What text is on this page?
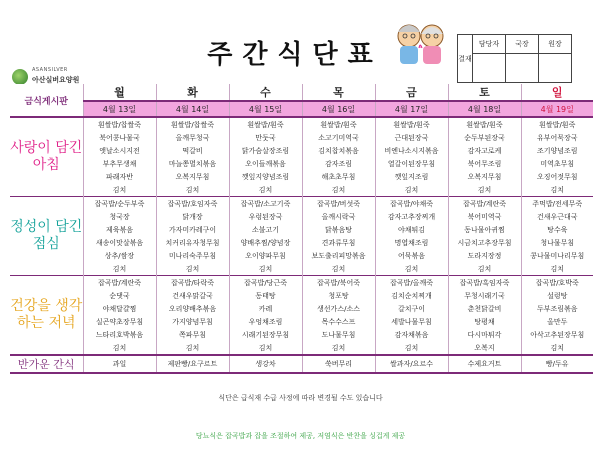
ASANSILVER
아산실버요양원
주간식단표	결재	담당자	국장	원장

금식게시판	월	화	수	목	금	토	일
	4월 13일	4월 14일	4월 15일	4월 16일	4월 17일	4월 18일	4월 19일
사랑이 담긴 아침	흰쌀밥/찹쌀죽	흰쌀밥/찹쌀죽	흰쌀밥/흰죽	흰쌀밥/흰죽	흰쌀밥/흰죽	흰쌀밥/흰죽	흰쌀밥/흰죽
	북어콩나물국	올깨무청국	만둣국	소고기미역국	근대된장국	순두부된장국	유부어묵장국
	앳날소시지전	떡갈비	닭가슴살장조림	김치찹치볶음	비엔나소시지볶음	감자고로케	조기양념조림
	부추무생채	마늘쫑멸치볶음	오이들깨볶음	감자조림	열갈이된장무침	북어무조림	미역초무침
	파래자반	오복지무침	깻잎지양념조림	해초초무침	깻잎지조림	오복지무침	오징어젓무침
	김치	김치	김치	김치	김치	김치	김치
정성이 담긴 점심	잡곡밥/순두부죽	잡곡밥/호임자죽	잡곡밥/소고기죽	잡곡밥/버섯죽	잡곡밥/야채죽	잡곡밥/계란죽	주먹밥/전세무죽
	청국장	닭개장	우렁된장국	올깨시락국	감자고추장찌개	북어미역국	건새우근대국
	제육볶음	가자미카레구이	소불고기	닭볶음탕	야채튀김	동나물아귀찜	탕수육
	새송이맛살볶음	치커리유자청무침	양배추찜/양념장	견과류무침	명엽채조림	시금치고추장무침	청나물무침
	상추/쌈장	미나리숙주무침	오이양파무침	보도출리피망볶음	어묵볶음	도라지장정	콩나물미나리무침
	김치	김치	김치	김치	김치	김치	김치
건강을 생각하는 저녁	잡곡밥/계란죽	잡곡밥/타락죽	잡곡밥/당근죽	잡곡밥/북어죽	잡곡밥/올깨죽	잡곡밥/흑임자죽	잡곡밥/호박죽
	순댓국	건새우맑갈국	동태탕	청포탕	김치순치찌개	무청시래기국	설렁탕
	야채달걀찜	오리양배추볶음	카레	생선가스/소스	갈치구이	춘천닭갈비	두부조림볶음
	실곤약초장무침	가지양념무침	우엉채조림	목수수스프	세발나물무침	탕평채	올만두
	느타리호박볶음	쪽파무침	시래기된장무침	도나물무침	감자채볶음	다시마튀각	아삭고추된장무침
	김치	김치	김치	김치	김치	오복지	김치
반가운 간식	과일	제판빵/요구르트	생강차	쑥버무리	쌀과자/요르수	수제요거트	빵/두유
식단은 급식재 수급 사정에 따라 변경될 수도 있습니다
당뇨식은 잡곡밥과 잡을 조절하여 제공, 저염식은 반찬을 싱겁게 제공
